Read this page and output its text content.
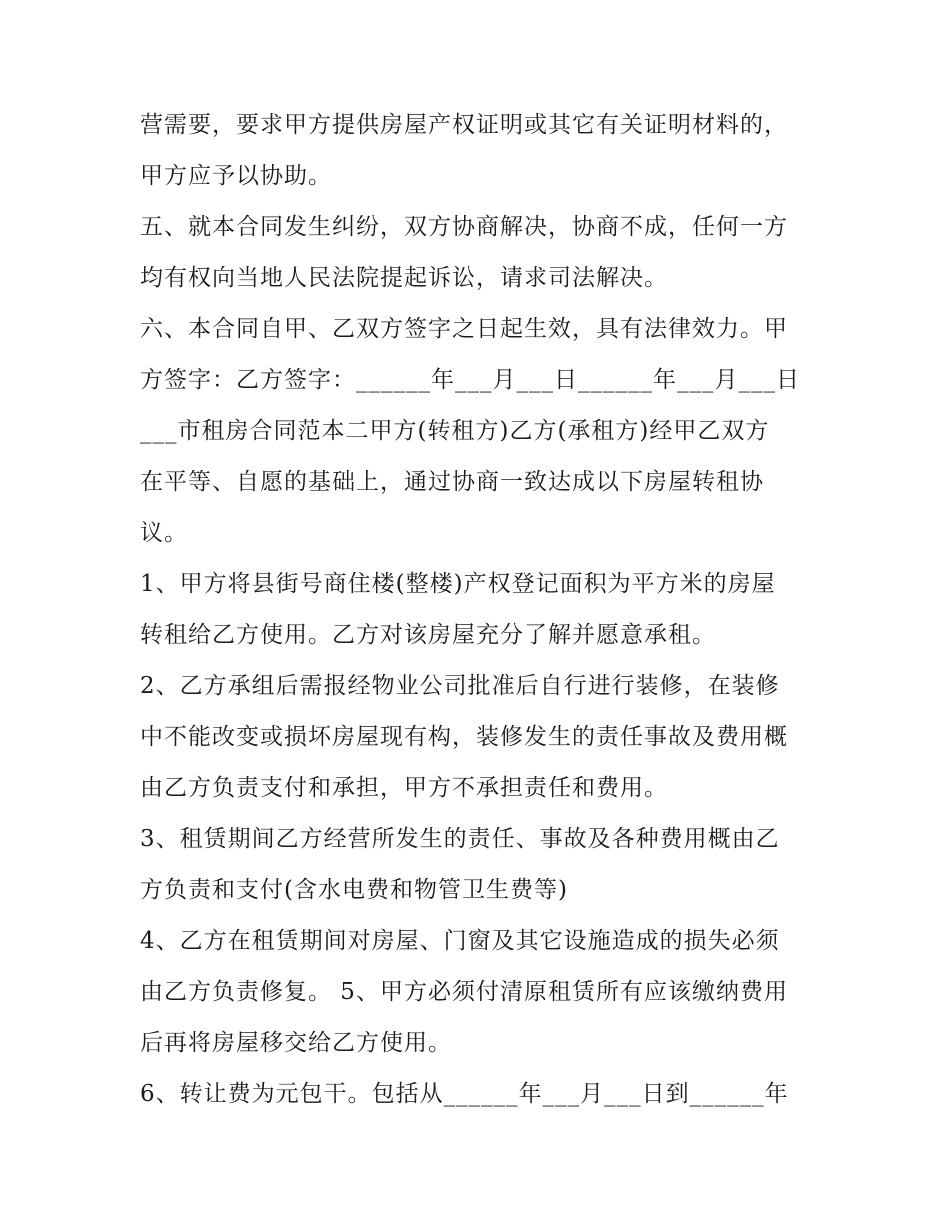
营需要，要求甲方提供房屋产权证明或其它有关证明材料的，
甲方应予以协助。
五、就本合同发生纠纷，双方协商解决，协商不成，任何一方
均有权向当地人民法院提起诉讼，请求司法解决。
六、本合同自甲、乙双方签字之日起生效，具有法律效力。甲
方签字：乙方签字：______年___月___日______年___月___日
___市租房合同范本二甲方(转租方)乙方(承租方)经甲乙双方
在平等、自愿的基础上，通过协商一致达成以下房屋转租协
议。
1、甲方将县街号商住楼(整楼)产权登记面积为平方米的房屋
转租给乙方使用。乙方对该房屋充分了解并愿意承租。
2、乙方承组后需报经物业公司批准后自行进行装修，在装修
中不能改变或损坏房屋现有构，装修发生的责任事故及费用概
由乙方负责支付和承担，甲方不承担责任和费用。
3、租赁期间乙方经营所发生的责任、事故及各种费用概由乙
方负责和支付(含水电费和物管卫生费等)
4、乙方在租赁期间对房屋、门窗及其它设施造成的损失必须
由乙方负责修复。 5、甲方必须付清原租赁所有应该缴纳费用
后再将房屋移交给乙方使用。
6、转让费为元包干。包括从______年___月___日到______年
